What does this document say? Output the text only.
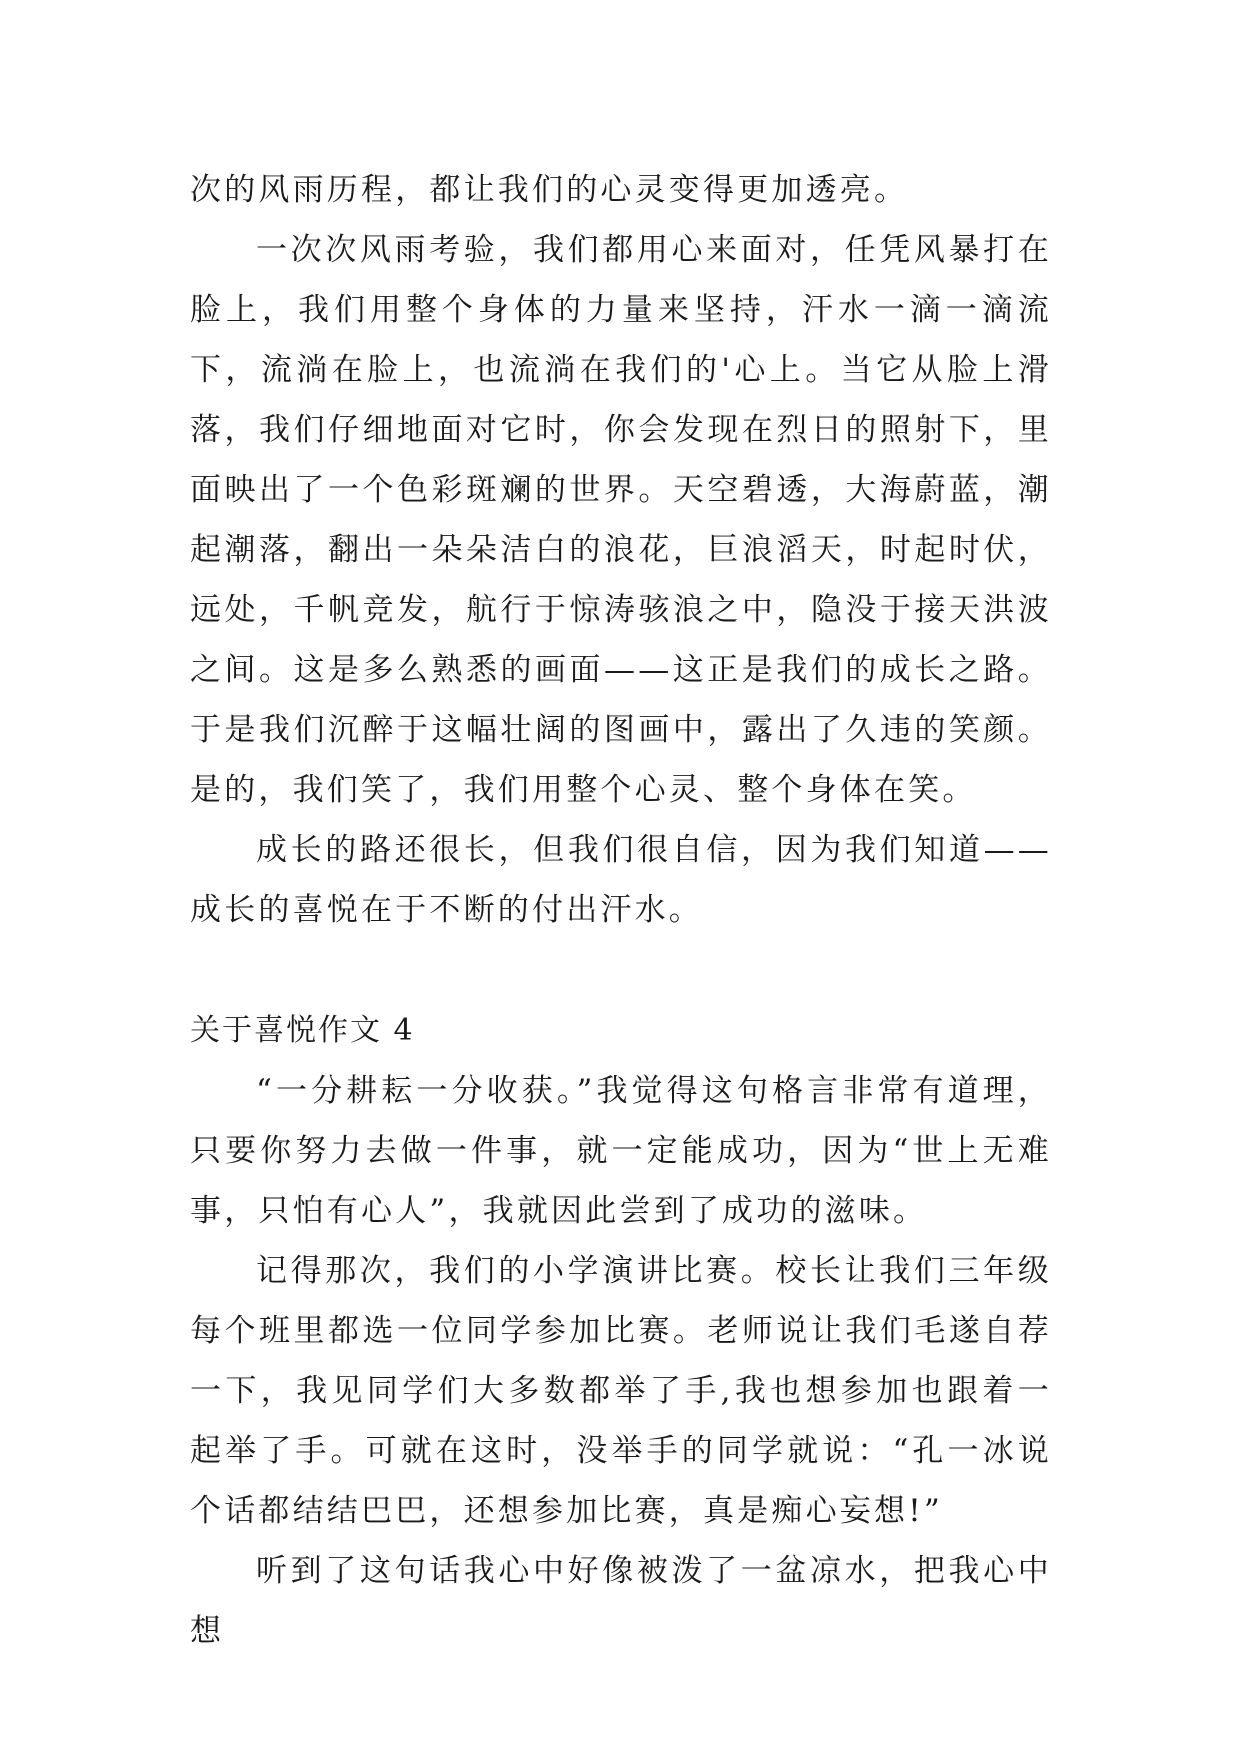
次的风雨历程，都让我们的心灵变得更加透亮。

一次次风雨考验，我们都用心来面对，任凭风暴打在脸上，我们用整个身体的力量来坚持，汗水一滴一滴流下，流淌在脸上，也流淌在我们的'心上。当它从脸上滑落，我们仔细地面对它时，你会发现在烈日的照射下，里面映出了一个色彩斑斓的世界。天空碧透，大海蔚蓝，潮起潮落，翻出一朵朵洁白的浪花，巨浪滔天，时起时伏，远处，千帆竞发，航行于惊涛骇浪之中，隐没于接天洪波之间。这是多么熟悉的画面——这正是我们的成长之路。于是我们沉醉于这幅壮阔的图画中，露出了久违的笑颜。是的，我们笑了，我们用整个心灵、整个身体在笑。

成长的路还很长，但我们很自信，因为我们知道——成长的喜悦在于不断的付出汗水。

关于喜悦作文 4

“一分耕耘一分收获。”我觉得这句格言非常有道理，只要你努力去做一件事，就一定能成功，因为“世上无难事，只怕有心人”，我就因此尝到了成功的滋味。

记得那次，我们的小学演讲比赛。校长让我们三年级每个班里都选一位同学参加比赛。老师说让我们毛遂自荐一下，我见同学们大多数都举了手,我也想参加也跟着一起举了手。可就在这时，没举手的同学就说：“孔一冰说个话都结结巴巴，还想参加比赛，真是痴心妄想!”

听到了这句话我心中好像被泼了一盆凉水，把我心中想
